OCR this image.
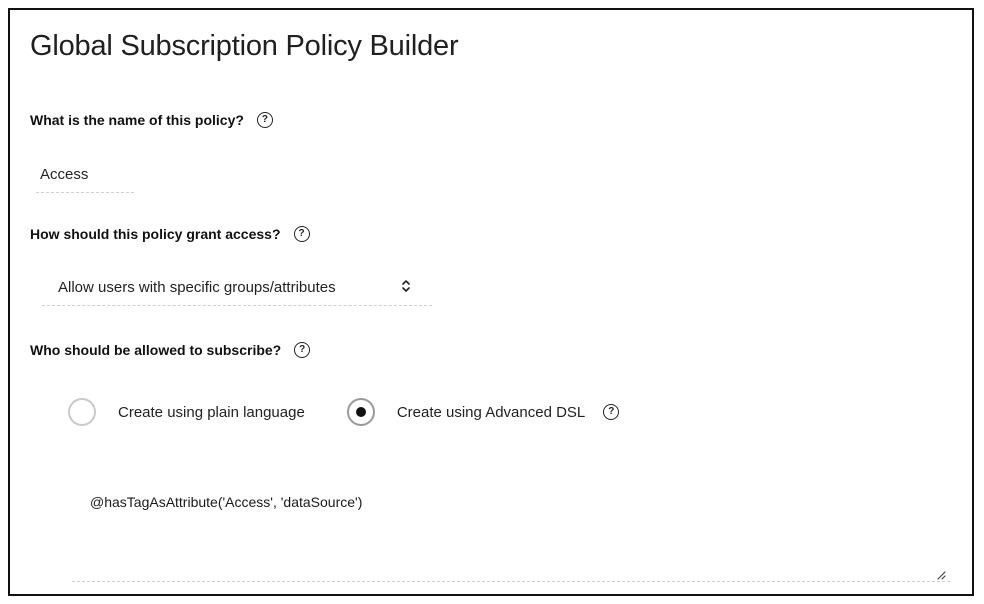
Global Subscription Policy Builder
What is the name of this policy?	?
Access
How should this policy grant access?	?
Allow users with specific groups/attributes
Who should be allowed to subscribe?	?
Create using plain language	Create using Advanced DSL	?
@hasTagAsAttribute('Access', 'dataSource')
